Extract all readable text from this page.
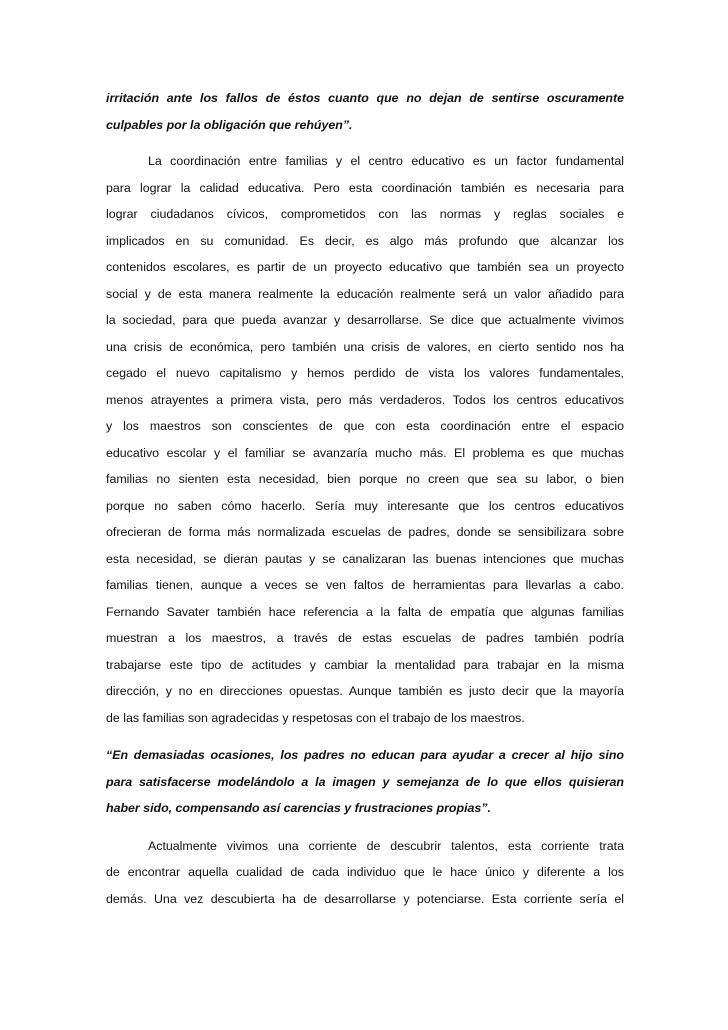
irritación ante los fallos de éstos cuanto que no dejan de sentirse oscuramente
culpables por la obligación que rehúyen”.
La coordinación entre familias y el centro educativo es un factor fundamental
para lograr la calidad educativa. Pero esta coordinación también es necesaria para
lograr ciudadanos cívicos, comprometidos con las normas y reglas sociales e
implicados en su comunidad. Es decir, es algo más profundo que alcanzar los
contenidos escolares, es partir de un proyecto educativo que también sea un proyecto
social y de esta manera realmente la educación realmente será un valor añadido para
la sociedad, para que pueda avanzar y desarrollarse. Se dice que actualmente vivimos
una crisis de económica, pero también una crisis de valores, en cierto sentido nos ha
cegado el nuevo capitalismo y hemos perdido de vista los valores fundamentales,
menos atrayentes a primera vista, pero más verdaderos. Todos los centros educativos
y los maestros son conscientes de que con esta coordinación entre el espacio
educativo escolar y el familiar se avanzaría mucho más. El problema es que muchas
familias no sienten esta necesidad, bien porque no creen que sea su labor, o bien
porque no saben cómo hacerlo. Sería muy interesante que los centros educativos
ofrecieran de forma más normalizada escuelas de padres, donde se sensibilizara sobre
esta necesidad, se dieran pautas y se canalizaran las buenas intenciones que muchas
familias tienen, aunque a veces se ven faltos de herramientas para llevarlas a cabo.
Fernando Savater también hace referencia a la falta de empatía que algunas familias
muestran a los maestros, a través de estas escuelas de padres también podría
trabajarse este tipo de actitudes y cambiar la mentalidad para trabajar en la misma
dirección, y no en direcciones opuestas. Aunque también es justo decir que la mayoría
de las familias son agradecidas y respetosas con el trabajo de los maestros.
“En demasiadas ocasiones, los padres no educan para ayudar a crecer al hijo sino
para satisfacerse modelándolo a la imagen y semejanza de lo que ellos quisieran
haber sido, compensando así carencias y frustraciones propias”.
Actualmente vivimos una corriente de descubrir talentos, esta corriente trata
de encontrar aquella cualidad de cada individuo que le hace único y diferente a los
demás. Una vez descubierta ha de desarrollarse y potenciarse. Esta corriente sería el
